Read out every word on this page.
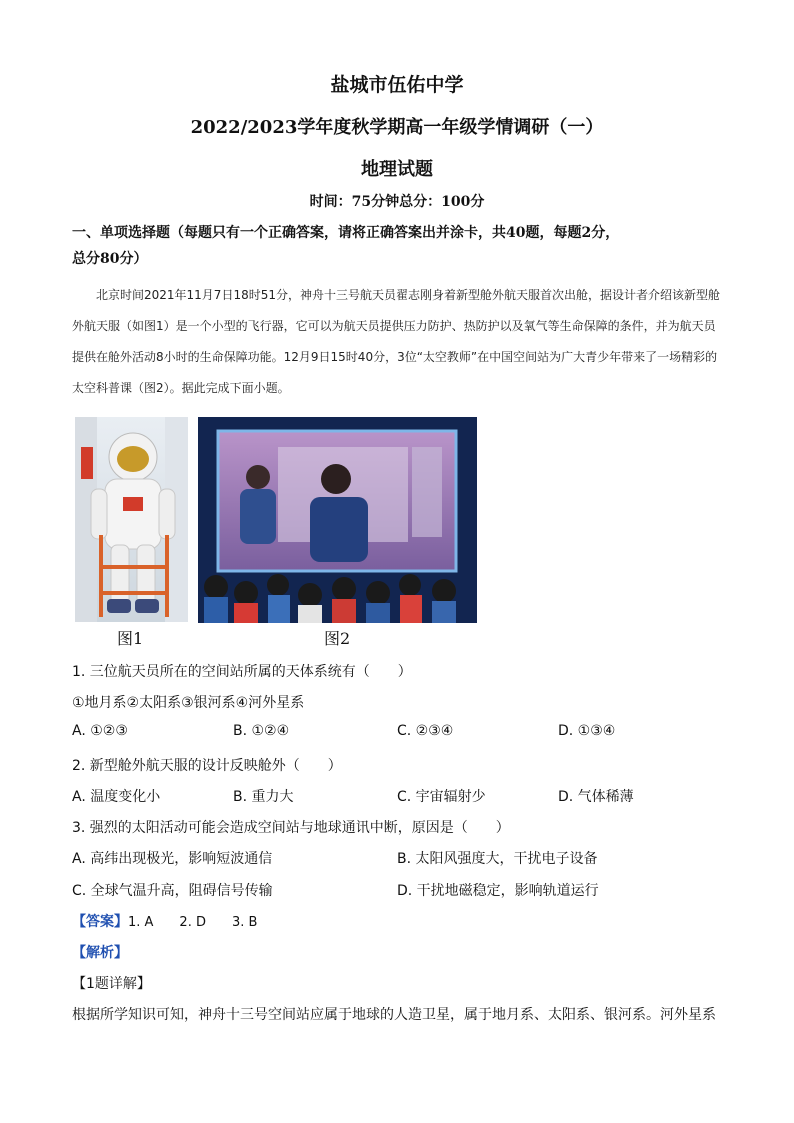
盐城市伍佑中学
2022/2023学年度秋学期高一年级学情调研（一）
地理试题
时间：75分钟总分：100分
一、单项选择题（每题只有一个正确答案，请将正确答案出并涂卡，共40题，每题2分，
总分80分）
北京时间2021年11月7日18时51分，神舟十三号航天员翟志刚身着新型舱外航天服首次出舱，据设计者介绍该新型舱外航天服（如图1）是一个小型的飞行器，它可以为航天员提供压力防护、热防护以及氧气等生命保障的条件，并为航天员提供在舱外活动8小时的生命保障功能。12月9日15时40分，3位“太空教师”在中国空间站为广大青少年带来了一场精彩的太空科普课（图2）。据此完成下面小题。
图1	图2
1. 三位航天员所在的空间站所属的天体系统有（　　）
①地月系②太阳系③银河系④河外星系
A. ①②③	B. ①②④	C. ②③④	D. ①③④
2. 新型舱外航天服的设计反映舱外（　　）
A. 温度变化小	B. 重力大	C. 宇宙辐射少	D. 气体稀薄
3. 强烈的太阳活动可能会造成空间站与地球通讯中断，原因是（　　）
A. 高纬出现极光，影响短波通信	B. 太阳风强度大，干扰电子设备
C. 全球气温升高，阻碍信号传输	D. 干扰地磁稳定，影响轨道运行
【答案】1. A　　2. D　　3. B
【解析】
【1题详解】
根据所学知识可知，神舟十三号空间站应属于地球的人造卫星，属于地月系、太阳系、银河系。河外星系
